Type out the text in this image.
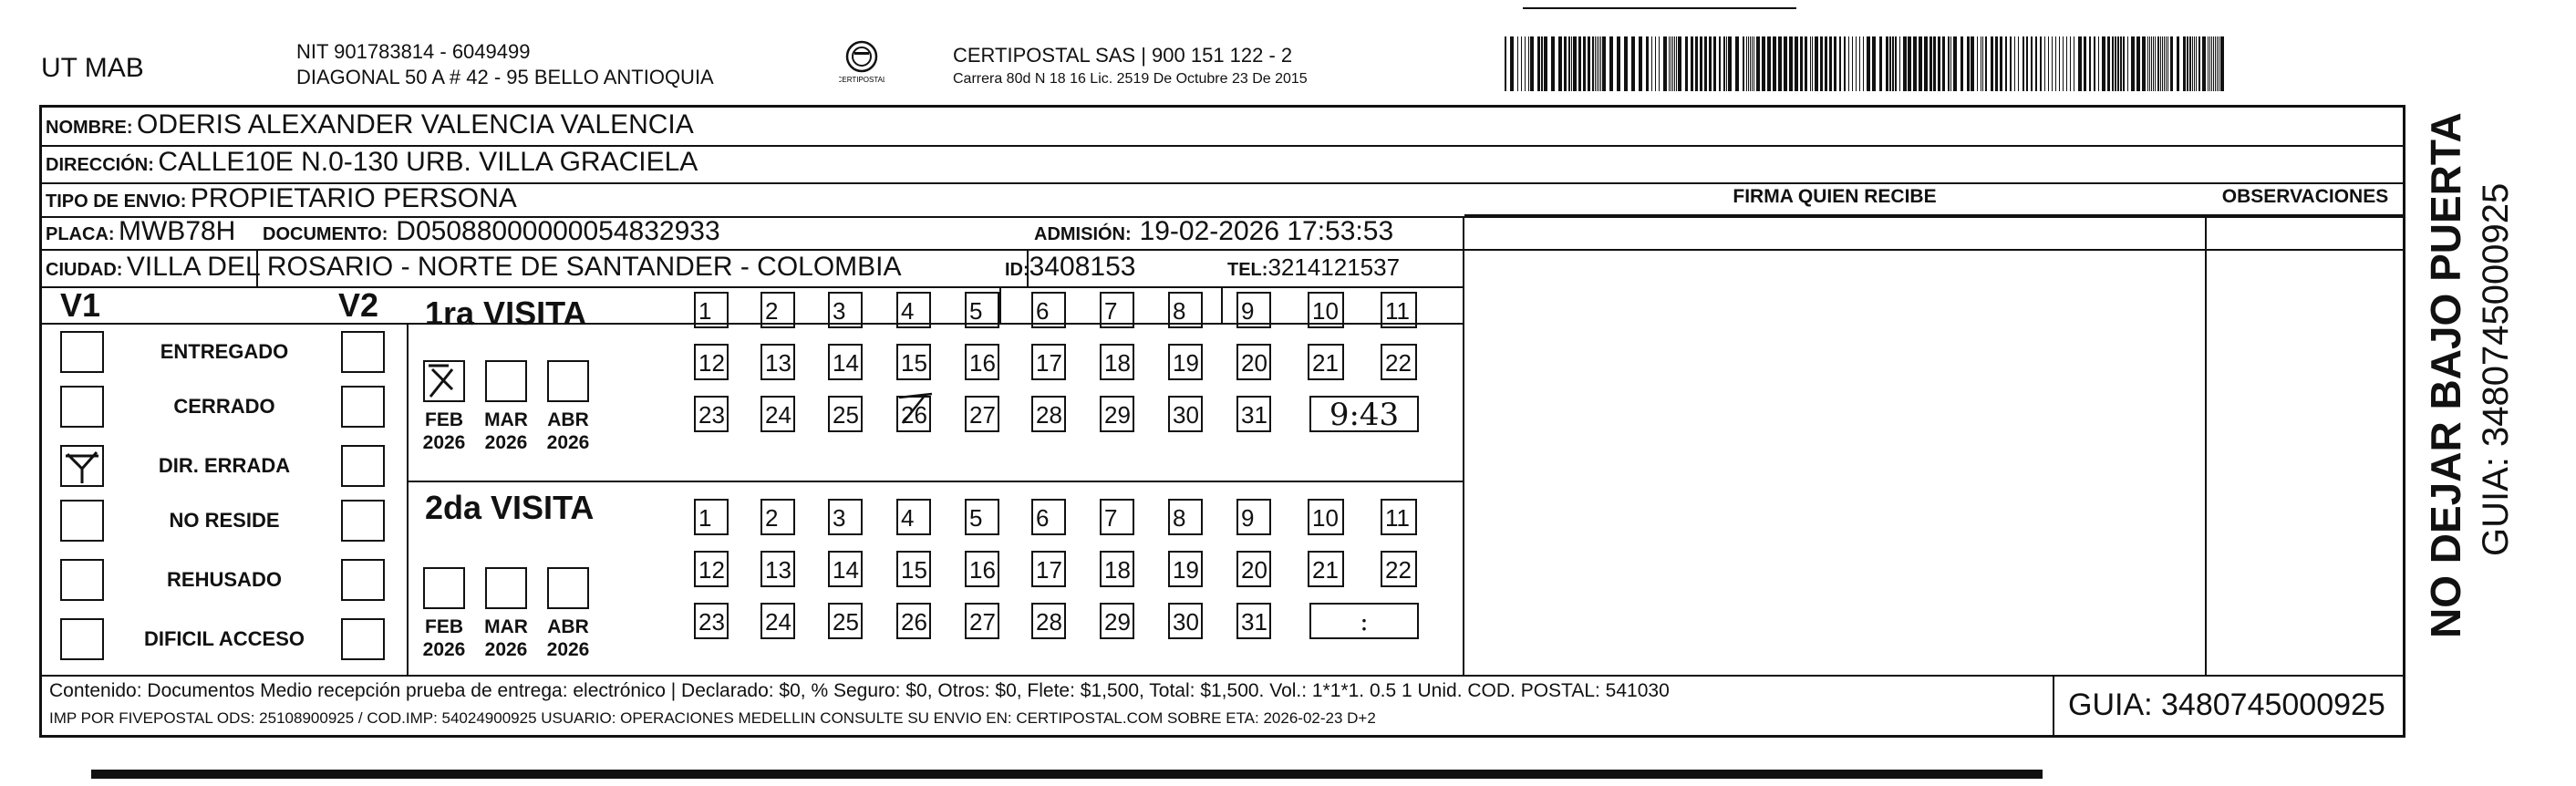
UT MAB
NIT 901783814 - 6049499
DIAGONAL 50 A # 42 - 95 BELLO ANTIOQUIA	CERTIPOSTAL
CERTIPOSTAL SAS | 900 151 122 - 2
Carrera 80d N 18 16 Lic. 2519 De Octubre 23 De 2015
NOMBRE: ODERIS ALEXANDER VALENCIA VALENCIA
DIRECCIÓN: CALLE10E N.0-130 URB. VILLA GRACIELA
TIPO DE ENVIO: PROPIETARIO PERSONA
PLACA: MWB78H DOCUMENTO: D05088000000054832933	ADMISIÓN: 19-02-2026 17:53:53
CIUDAD: VILLA DEL ROSARIO - NORTE DE SANTANDER - COLOMBIA	ID:3408153	TEL:3214121537
FIRMA QUIEN RECIBE	OBSERVACIONES
V1	V2
ENTREGADO
CERRADO
DIR. ERRADA
NO RESIDE
REHUSADO
DIFICIL ACCESO
1ra VISITA
2da VISITA
FEB
2026
MAR
2026
ABR
2026
1	2	3	4	5	6	7	8	9	10 11
12 13 14 15 16 17 18 19 20 21 22
23 24 25 26 27 28 29 30 31	9:43
FEB
2026
MAR
2026
ABR
2026
1	2	3	4	5	6	7	8	9	10 11
12 13 14 15 16 17 18 19 20 21 22
23 24 25 26 27 28 29 30 31	:
Contenido: Documentos Medio recepción prueba de entrega: electrónico | Declarado: $0, % Seguro: $0, Otros: $0, Flete: $1,500, Total: $1,500. Vol.: 1*1*1. 0.5 1 Unid. COD. POSTAL: 541030
IMP POR FIVEPOSTAL ODS: 25108900925 / COD.IMP: 54024900925 USUARIO: OPERACIONES MEDELLIN CONSULTE SU ENVIO EN: CERTIPOSTAL.COM SOBRE ETA: 2026-02-23 D+2	GUIA: 3480745000925
NO DEJAR BAJO PUERTA GUIA: 3480745000925
